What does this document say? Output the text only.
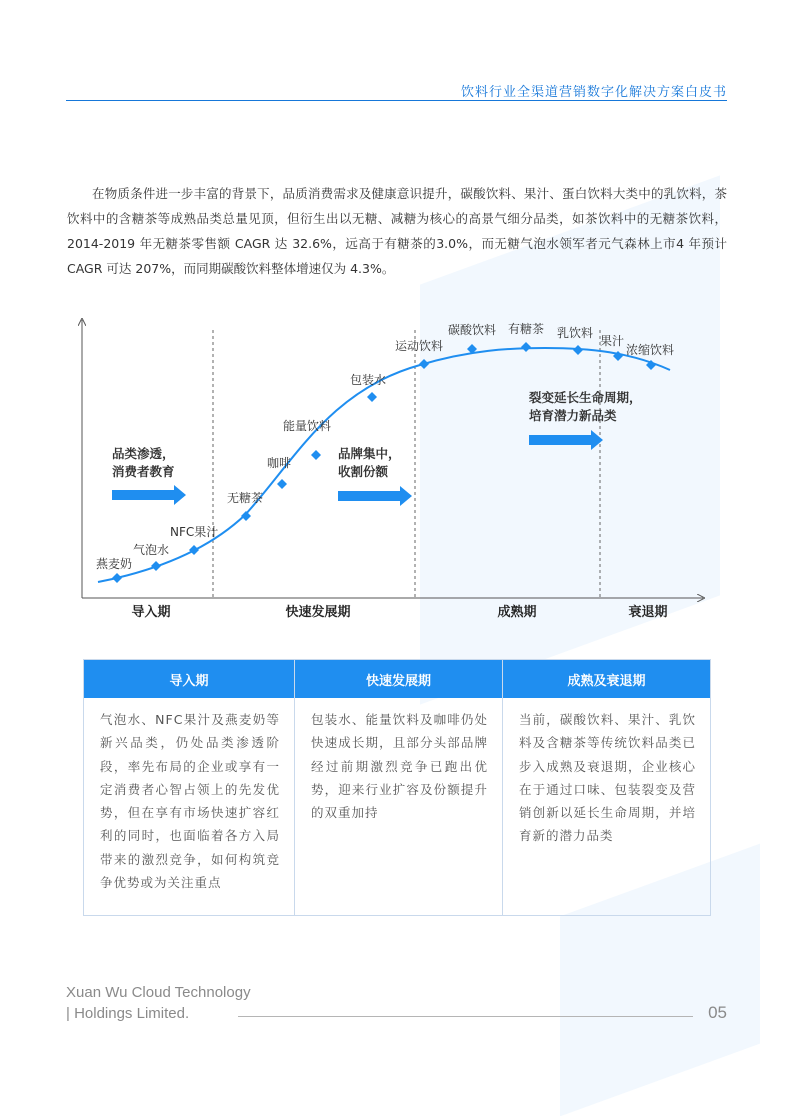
饮料行业全渠道营销数字化解决方案白皮书
在物质条件进一步丰富的背景下，品质消费需求及健康意识提升，碳酸饮料、果汁、蛋白饮料大类中的乳饮料，茶饮料中的含糖茶等成熟品类总量见顶，但衍生出以无糖、减糖为核心的高景气细分品类，如茶饮料中的无糖茶饮料， 2014-2019 年无糖茶零售额 CAGR 达 32.6%，远高于有糖茶的3.0%，而无糖气泡水领军者元气森林上市4 年预计 CAGR 可达 207%，而同期碳酸饮料整体增速仅为 4.3%。
燕麦奶
气泡水
NFC果汁
无糖茶
咖啡
能量饮料
包装水
运动饮料
碳酸饮料 有糖茶 乳饮料
果汁
浓缩饮料
品类渗透，
消费者教育
品牌集中，
收割份额
裂变延长生命周期，
培育潜力新品类
导入期	快速发展期	成熟期	衰退期
导入期	快速发展期	成熟及衰退期
气泡水、NFC果汁及燕麦奶等新兴品类，仍处品类渗透阶段，率先布局的企业或享有一定消费者心智占领上的先发优势，但在享有市场快速扩容红利的同时，也面临着各方入局带来的激烈竞争，如何构筑竞争优势或为关注重点
包装水、能量饮料及咖啡仍处快速成长期，且部分头部品牌经过前期激烈竞争已跑出优势，迎来行业扩容及份额提升的双重加持
当前，碳酸饮料、果汁、乳饮料及含糖茶等传统饮料品类已步入成熟及衰退期，企业核心在于通过口味、包装裂变及营销创新以延长生命周期，并培育新的潜力品类
Xuan Wu Cloud Technology
| Holdings Limited.	05
